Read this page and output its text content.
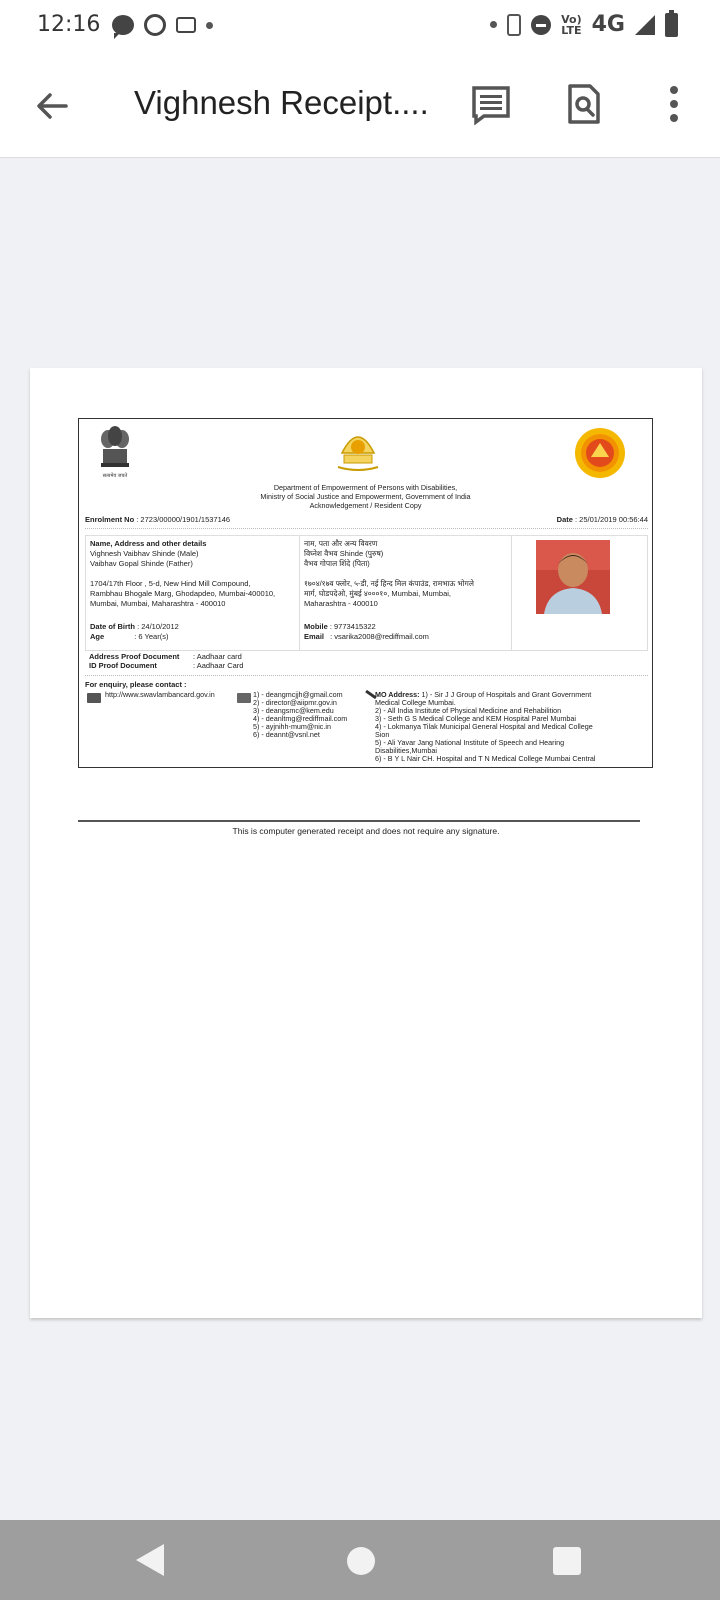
12:16	Vo)
LTE 4G
Vighnesh Receipt....
सत्यमेव जयते
Department of Empowerment of Persons with Disabilities,
Ministry of Social Justice and Empowerment, Government of India
Acknowledgement / Resident Copy
Enrolment No : 2723/00000/1901/1537146	Date : 25/01/2019 00:56:44
Name, Address and other details
Vighnesh Vaibhav Shinde (Male)
Vaibhav Gopal Shinde (Father)
1704/17th Floor , 5-d, New Hind Mill Compound,
Rambhau Bhogale Marg, Ghodapdeo, Mumbai-400010,
Mumbai, Mumbai, Maharashtra - 400010
Date of Birth : 24/10/2012
Age	: 6 Year(s)
नाम, पता और अन्य विवरण
विघ्नेश वैभव Shinde (पुरुष)
वैभव गोपाल शिंदे (पिता)
१७०४/१७व फ्लोर, ५-डी, नई हिन्द मिल कंपाउंड, रामभाऊ भोगले
मार्ग, घोडपदेओ, मुंबई ४०००१०, Mumbai, Mumbai,
Maharashtra - 400010
Mobile : 9773415322
Email : vsarika2008@rediffmail.com
Address Proof Document : Aadhaar card
ID Proof Document	: Aadhaar Card
For enquiry, please contact :
http://www.swavlambancard.gov.in	1) - deangmcjjh@gmail.com
2) - director@aiipmr.gov.in
3) - deangsmc@kem.edu
4) - deanltmg@rediffmail.com
5) - ayjnihh-mum@nic.in
6) - deannt@vsnl.net
MO Address: 1) - Sir J J Group of Hospitals and Grant Government
Medical College Mumbai.
2) - All India Institute of Physical Medicine and Rehabilition
3) - Seth G S Medical College and KEM Hospital Parel Mumbai
4) - Lokmanya Tilak Municipal General Hospital and Medical College
Sion
5) - Ali Yavar Jang National Institute of Speech and Hearing
Disabilities,Mumbai
6) - B Y L Nair CH. Hospital and T N Medical College Mumbai Central
This is computer generated receipt and does not require any signature.
